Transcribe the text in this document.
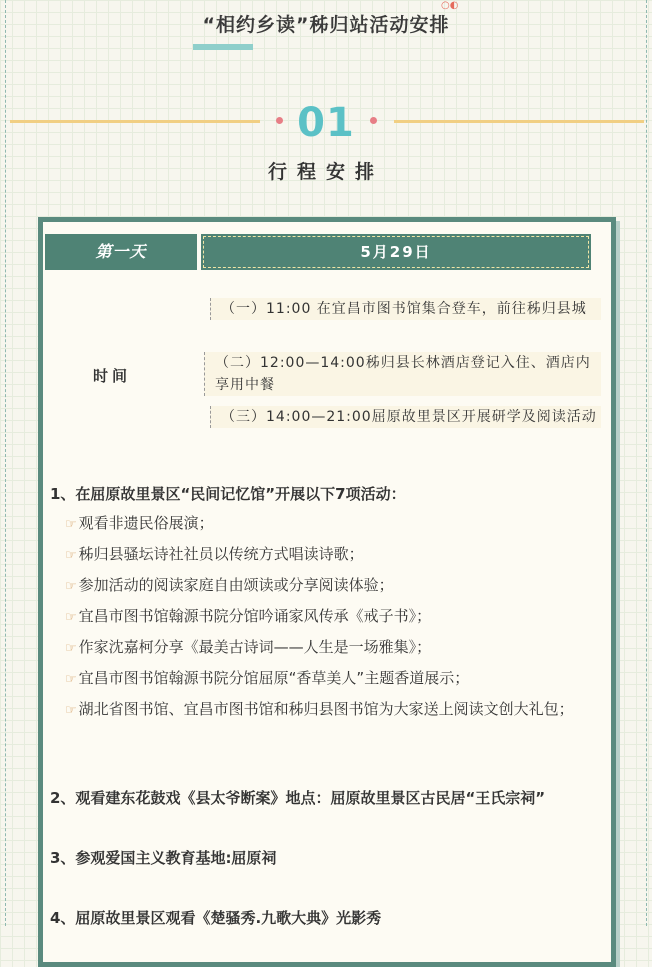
“相约乡读”秭归站活动安排
○◐
01
行程安排
第一天	5月29日
时间
（一）11:00 在宜昌市图书馆集合登车，前往秭归县城
（二）12:00—14:00秭归县长林酒店登记入住、酒店内享用中餐
（三）14:00—21:00屈原故里景区开展研学及阅读活动
1、在屈原故里景区“民间记忆馆”开展以下7项活动：
☞ 观看非遗民俗展演；
☞ 秭归县骚坛诗社社员以传统方式唱读诗歌；
☞ 参加活动的阅读家庭自由颂读或分享阅读体验；
☞ 宜昌市图书馆翰源书院分馆吟诵家风传承《戒子书》；
☞ 作家沈嘉柯分享《最美古诗词——人生是一场雅集》；
☞ 宜昌市图书馆翰源书院分馆屈原“香草美人”主题香道展示；
☞ 湖北省图书馆、宜昌市图书馆和秭归县图书馆为大家送上阅读文创大礼包；
2、观看建东花鼓戏《县太爷断案》地点：屈原故里景区古民居“王氏宗祠”
3、参观爱国主义教育基地:屈原祠
4、屈原故里景区观看《楚骚秀.九歌大典》光影秀
